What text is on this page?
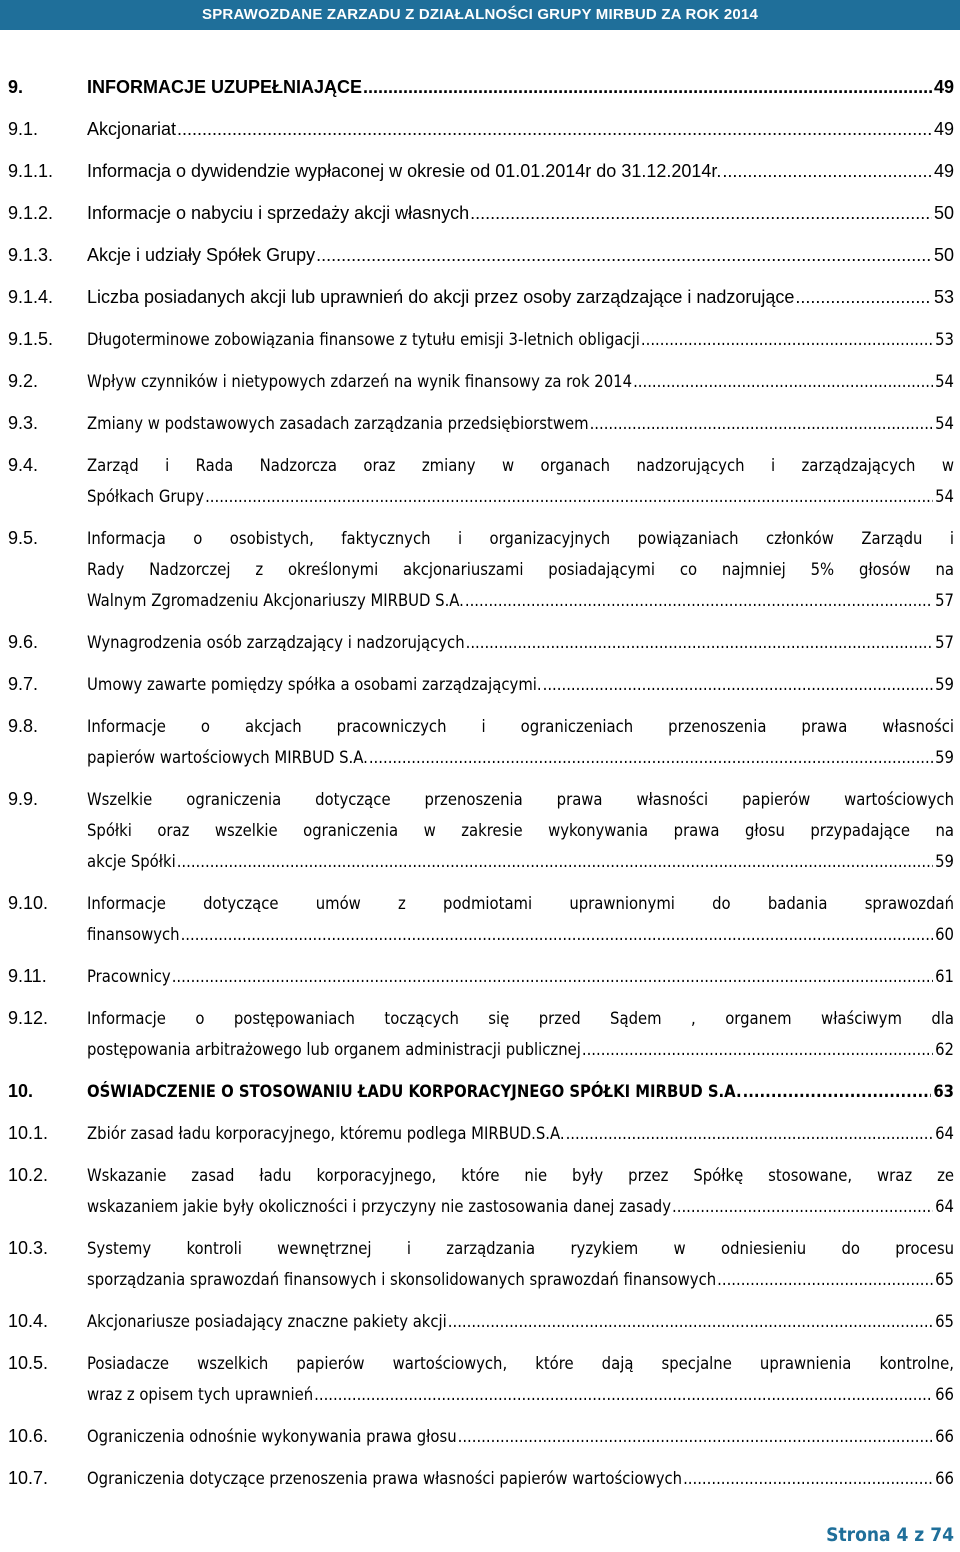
SPRAWOZDANE ZARZADU Z DZIAŁALNOŚCI GRUPY MIRBUD ZA ROK 2014
9.	INFORMACJE UZUPEŁNIAJĄCE .....	49
9.1.	Akcjonariat .....	49
9.1.1. Informacja o dywidendzie wypłaconej w okresie od 01.01.2014r do 31.12.2014r. .....	49
9.1.2. Informacje o nabyciu i sprzedaży akcji własnych .....	50
9.1.3. Akcje i udziały Spółek Grupy .....	50
9.1.4. Liczba posiadanych akcji lub uprawnień do akcji przez osoby zarządzające i nadzorujące .....	53
9.1.5. Długoterminowe zobowiązania finansowe z tytułu emisji 3-letnich obligacji .....	53
9.2.	Wpływ czynników i nietypowych zdarzeń na wynik finansowy za rok 2014 .....	54
9.3.	Zmiany w podstawowych zasadach zarządzania przedsiębiorstwem .....	54
9.4.	Zarząd i Rada Nadzorcza oraz zmiany w organach nadzorujących i zarządzających w
Spółkach Grupy .....	54
9.5.	Informacja o osobistych, faktycznych i organizacyjnych powiązaniach członków Zarządu i
Rady Nadzorczej z określonymi akcjonariuszami posiadającymi co najmniej 5% głosów na
Walnym Zgromadzeniu Akcjonariuszy MIRBUD S.A. .....	57
9.6.	Wynagrodzenia osób zarządzający i nadzorujących .....	57
9.7.	Umowy zawarte pomiędzy spółka a osobami zarządzającymi. .....	59
9.8.	Informacje o akcjach pracowniczych i ograniczeniach przenoszenia prawa własności
papierów wartościowych MIRBUD S.A. .....	59
9.9.	Wszelkie ograniczenia dotyczące przenoszenia prawa własności papierów wartościowych
Spółki oraz wszelkie ograniczenia w zakresie wykonywania prawa głosu przypadające na
akcje Spółki .....	59
9.10. Informacje dotyczące umów z podmiotami uprawnionymi do badania sprawozdań
finansowych .....	60
9.11. Pracownicy .....	61
9.12. Informacje o postępowaniach toczących się przed Sądem , organem właściwym dla
postępowania arbitrażowego lub organem administracji publicznej .....	62
10.	OŚWIADCZENIE O STOSOWANIU ŁADU KORPORACYJNEGO SPÓŁKI MIRBUD S.A. .....	63
10.1. Zbiór zasad ładu korporacyjnego, któremu podlega MIRBUD.S.A. .....	64
10.2. Wskazanie zasad ładu korporacyjnego, które nie były przez Spółkę stosowane, wraz ze
wskazaniem jakie były okoliczności i przyczyny nie zastosowania danej zasady .....	64
10.3. Systemy kontroli wewnętrznej i zarządzania ryzykiem w odniesieniu do procesu
sporządzania sprawozdań finansowych i skonsolidowanych sprawozdań finansowych .....	65
10.4. Akcjonariusze posiadający znaczne pakiety akcji .....	65
10.5. Posiadacze wszelkich papierów wartościowych, które dają specjalne uprawnienia kontrolne,
wraz z opisem tych uprawnień .....	66
10.6. Ograniczenia odnośnie wykonywania prawa głosu .....	66
10.7. Ograniczenia dotyczące przenoszenia prawa własności papierów wartościowych .....	66
Strona 4 z 74
